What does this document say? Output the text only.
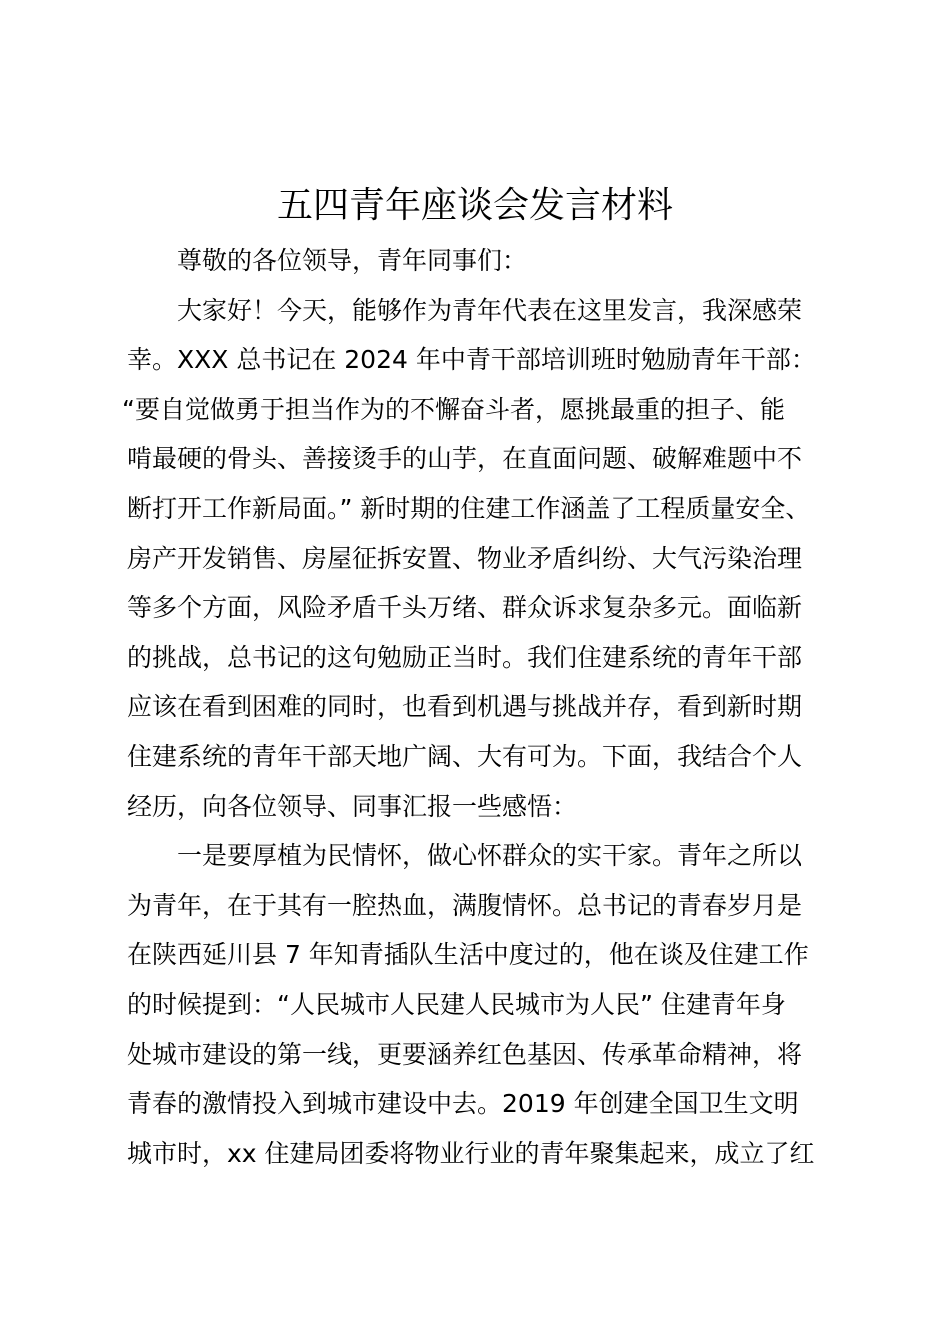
五四青年座谈会发言材料
尊敬的各位领导，青年同事们：
大家好！今天，能够作为青年代表在这里发言，我深感荣
幸。XXX 总书记在 2024 年中青干部培训班时勉励青年干部：
“要自觉做勇于担当作为的不懈奋斗者，愿挑最重的担子、能
啃最硬的骨头、善接烫手的山芋，在直面问题、破解难题中不
断打开工作新局面。” 新时期的住建工作涵盖了工程质量安全、
房产开发销售、房屋征拆安置、物业矛盾纠纷、大气污染治理
等多个方面，风险矛盾千头万绪、群众诉求复杂多元。面临新
的挑战，总书记的这句勉励正当时。我们住建系统的青年干部
应该在看到困难的同时，也看到机遇与挑战并存，看到新时期
住建系统的青年干部天地广阔、大有可为。下面，我结合个人
经历，向各位领导、同事汇报一些感悟：
一是要厚植为民情怀，做心怀群众的实干家。青年之所以
为青年，在于其有一腔热血，满腹情怀。总书记的青春岁月是
在陕西延川县 7 年知青插队生活中度过的，他在谈及住建工作
的时候提到：“人民城市人民建人民城市为人民” 住建青年身
处城市建设的第一线，更要涵养红色基因、传承革命精神，将
青春的激情投入到城市建设中去。2019 年创建全国卫生文明
城市时，xx 住建局团委将物业行业的青年聚集起来，成立了红
